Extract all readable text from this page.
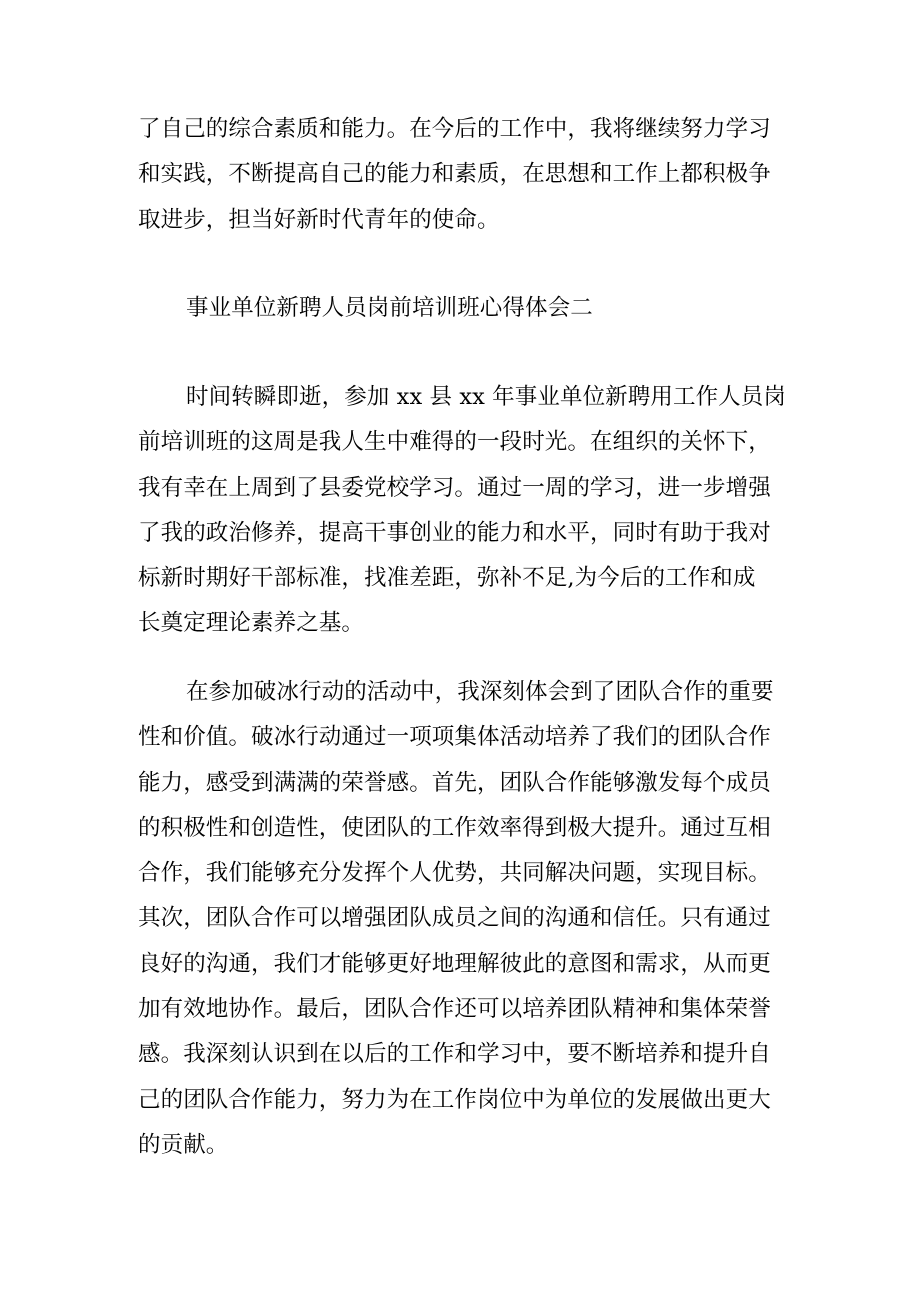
了自己的综合素质和能力。在今后的工作中，我将继续努力学习
和实践，不断提高自己的能力和素质，在思想和工作上都积极争
取进步，担当好新时代青年的使命。
事业单位新聘人员岗前培训班心得体会二
时间转瞬即逝，参加 xx 县 xx 年事业单位新聘用工作人员岗
前培训班的这周是我人生中难得的一段时光。在组织的关怀下，
我有幸在上周到了县委党校学习。通过一周的学习，进一步增强
了我的政治修养，提高干事创业的能力和水平，同时有助于我对
标新时期好干部标准，找准差距，弥补不足,为今后的工作和成
长奠定理论素养之基。
在参加破冰行动的活动中，我深刻体会到了团队合作的重要
性和价值。破冰行动通过一项项集体活动培养了我们的团队合作
能力，感受到满满的荣誉感。首先，团队合作能够激发每个成员
的积极性和创造性，使团队的工作效率得到极大提升。通过互相
合作，我们能够充分发挥个人优势，共同解决问题，实现目标。
其次，团队合作可以增强团队成员之间的沟通和信任。只有通过
良好的沟通，我们才能够更好地理解彼此的意图和需求，从而更
加有效地协作。最后，团队合作还可以培养团队精神和集体荣誉
感。我深刻认识到在以后的工作和学习中，要不断培养和提升自
己的团队合作能力，努力为在工作岗位中为单位的发展做出更大
的贡献。
